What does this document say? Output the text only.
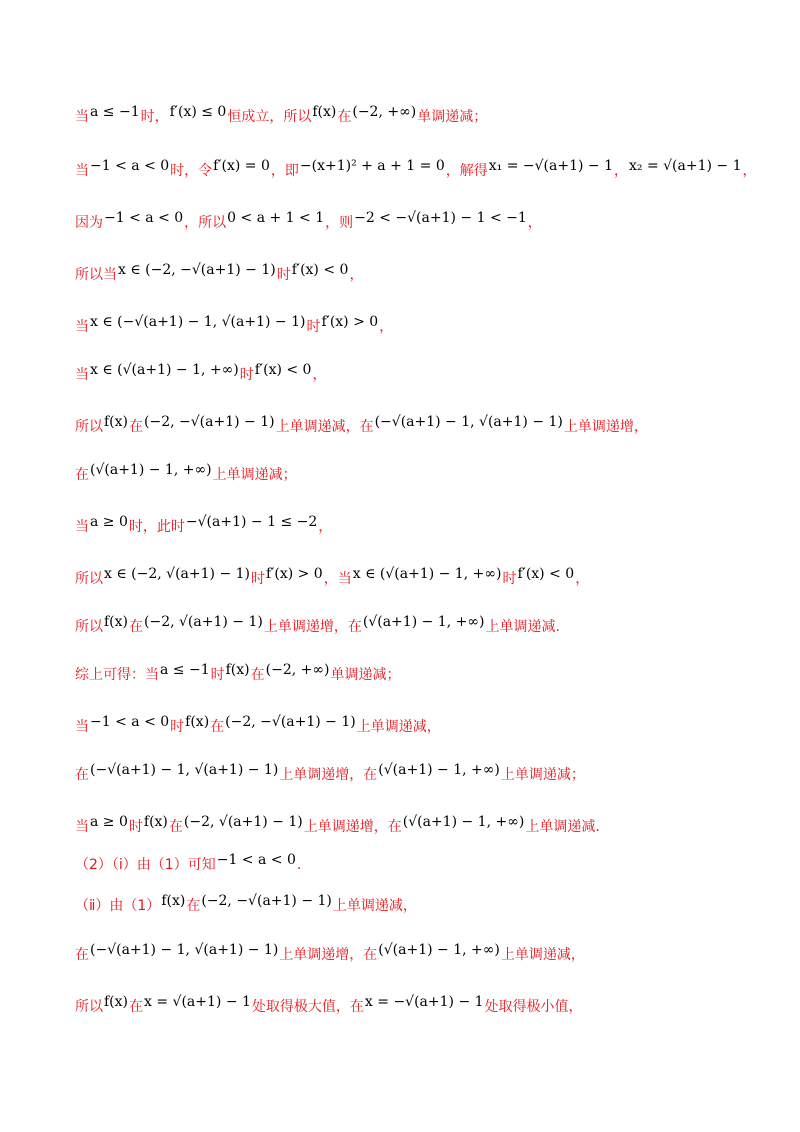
当a ≤ −1时，f′(x) ≤ 0恒成立，所以f(x)在(−2, +∞)单调递减；
当−1 < a < 0时，令f′(x) = 0，即−(x+1)² + a + 1 = 0，解得x₁ = −√(a+1) − 1，x₂ = √(a+1) − 1，
因为−1 < a < 0，所以0 < a + 1 < 1，则−2 < −√(a+1) − 1 < −1，
所以当x ∈ (−2, −√(a+1) − 1)时f′(x) < 0，
当x ∈ (−√(a+1) − 1, √(a+1) − 1)时f′(x) > 0，
当x ∈ (√(a+1) − 1, +∞)时f′(x) < 0，
所以f(x)在(−2, −√(a+1) − 1)上单调递减，在(−√(a+1) − 1, √(a+1) − 1)上单调递增，
在(√(a+1) − 1, +∞)上单调递减；
当a ≥ 0时，此时−√(a+1) − 1 ≤ −2，
所以x ∈ (−2, √(a+1) − 1)时f′(x) > 0，当x ∈ (√(a+1) − 1, +∞)时f′(x) < 0，
所以f(x)在(−2, √(a+1) − 1)上单调递增，在(√(a+1) − 1, +∞)上单调递减.
综上可得：当a ≤ −1时f(x)在(−2, +∞)单调递减；
当−1 < a < 0时f(x)在(−2, −√(a+1) − 1)上单调递减，
在(−√(a+1) − 1, √(a+1) − 1)上单调递增，在(√(a+1) − 1, +∞)上单调递减；
当a ≥ 0时f(x)在(−2, √(a+1) − 1)上单调递增，在(√(a+1) − 1, +∞)上单调递减.
（2）（ⅰ）由（1）可知−1 < a < 0.
（ⅱ）由（1）f(x)在(−2, −√(a+1) − 1)上单调递减，
在(−√(a+1) − 1, √(a+1) − 1)上单调递增，在(√(a+1) − 1, +∞)上单调递减，
所以f(x)在x = √(a+1) − 1处取得极大值，在x = −√(a+1) − 1处取得极小值，
